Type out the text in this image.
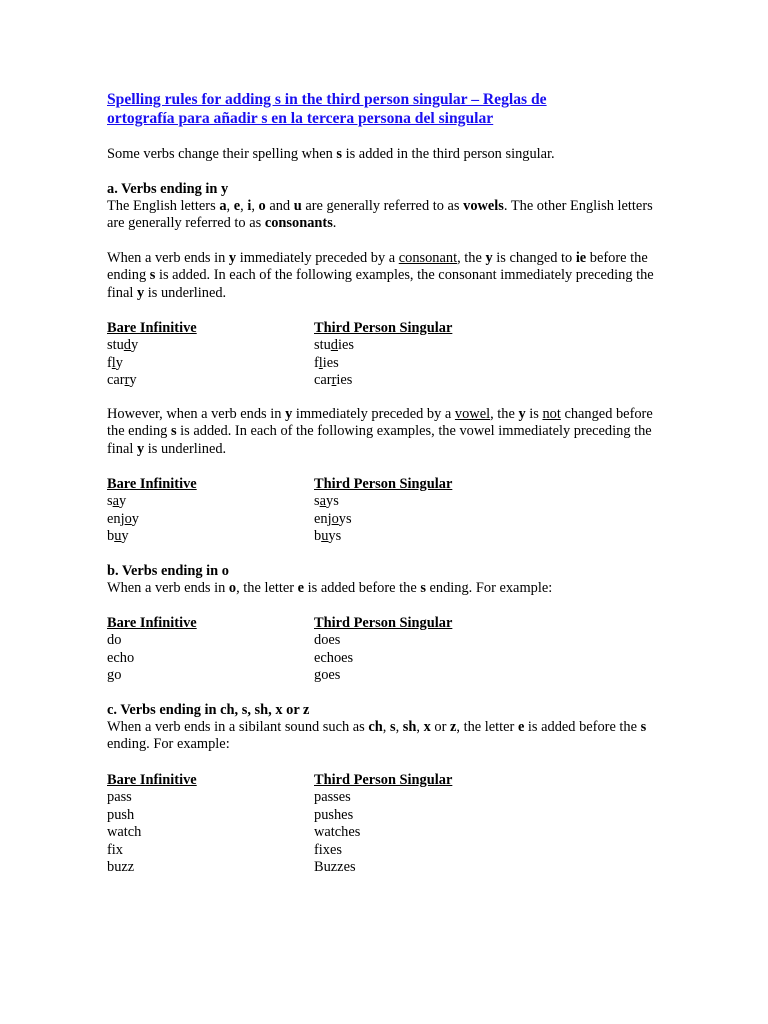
Spelling rules for adding s in the third person singular – Reglas de
ortografía para añadir s en la tercera persona del singular

Some verbs change their spelling when s is added in the third person singular.

a. Verbs ending in y

The English letters a, e, i, o and u are generally referred to as vowels. The other English letters are generally referred to as consonants.

When a verb ends in y immediately preceded by a consonant, the y is changed to ie before the ending s is added. In each of the following examples, the consonant immediately preceding the final y is underlined.

Bare Infinitive	Third Person Singular
study	studies
fly	flies
carry	carries

However, when a verb ends in y immediately preceded by a vowel, the y is not changed before the ending s is added. In each of the following examples, the vowel immediately preceding the final y is underlined.

Bare Infinitive	Third Person Singular
say	says
enjoy	enjoys
buy	buys

b. Verbs ending in o

When a verb ends in o, the letter e is added before the s ending. For example:

Bare Infinitive	Third Person Singular
do	does
echo	echoes
go	goes

c. Verbs ending in ch, s, sh, x or z

When a verb ends in a sibilant sound such as ch, s, sh, x or z, the letter e is added before the s ending. For example:

Bare Infinitive	Third Person Singular
pass	passes
push	pushes
watch	watches
fix	fixes
buzz	Buzzes
